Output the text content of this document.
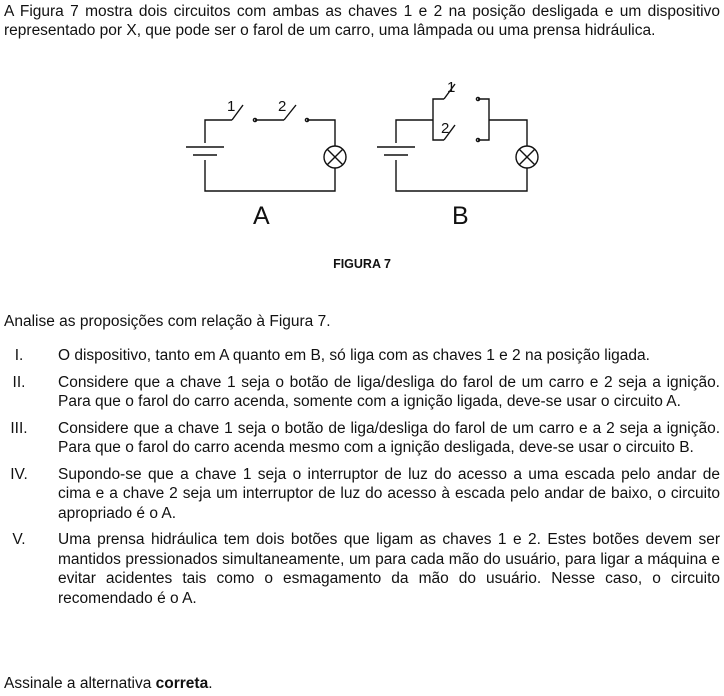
A Figura 7 mostra dois circuitos com ambas as chaves 1 e 2 na posição desligada e um dispositivo representado por X, que pode ser o farol de um carro, uma lâmpada ou uma prensa hidráulica.

1	2
1
2
A	B
FIGURA 7
Analise as proposições com relação à Figura 7.
I.	O dispositivo, tanto em A quanto em B, só liga com as chaves 1 e 2 na posição ligada.
II.	Considere que a chave 1 seja o botão de liga/desliga do farol de um carro e 2 seja a ignição. Para que o farol do carro acenda, somente com a ignição ligada, deve-se usar o circuito A.
III.	Considere que a chave 1 seja o botão de liga/desliga do farol de um carro e a 2 seja a ignição. Para que o farol do carro acenda mesmo com a ignição desligada, deve-se usar o circuito B.
IV.	Supondo-se que a chave 1 seja o interruptor de luz do acesso a uma escada pelo andar de cima e a chave 2 seja um interruptor de luz do acesso à escada pelo andar de baixo, o circuito apropriado é o A.
V.	Uma prensa hidráulica tem dois botões que ligam as chaves 1 e 2. Estes botões devem ser mantidos pressionados simultaneamente, um para cada mão do usuário, para ligar a máquina e evitar acidentes tais como o esmagamento da mão do usuário. Nesse caso, o circuito recomendado é o A.
Assinale a alternativa correta.
